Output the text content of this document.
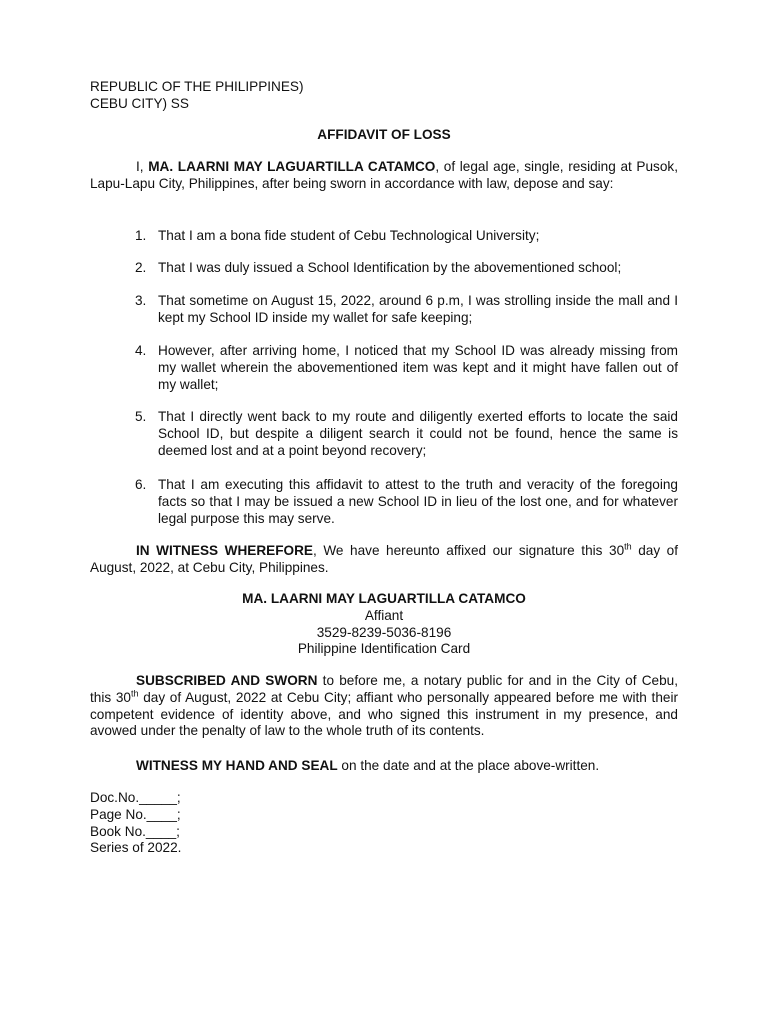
REPUBLIC OF THE PHILIPPINES)
CEBU CITY) SS
AFFIDAVIT OF LOSS
I, MA. LAARNI MAY LAGUARTILLA CATAMCO, of legal age, single, residing at Pusok, Lapu-Lapu City, Philippines, after being sworn in accordance with law, depose and say:
1. That I am a bona fide student of Cebu Technological University;
2. That I was duly issued a School Identification by the abovementioned school;
3. That sometime on August 15, 2022, around 6 p.m, I was strolling inside the mall and I kept my School ID inside my wallet for safe keeping;
4. However, after arriving home, I noticed that my School ID was already missing from my wallet wherein the abovementioned item was kept and it might have fallen out of my wallet;
5. That I directly went back to my route and diligently exerted efforts to locate the said School ID, but despite a diligent search it could not be found, hence the same is deemed lost and at a point beyond recovery;
6. That I am executing this affidavit to attest to the truth and veracity of the foregoing facts so that I may be issued a new School ID in lieu of the lost one, and for whatever legal purpose this may serve.
IN WITNESS WHEREFORE, We have hereunto affixed our signature this 30th day of August, 2022, at Cebu City, Philippines.
MA. LAARNI MAY LAGUARTILLA CATAMCO
Affiant
3529-8239-5036-8196
Philippine Identification Card
SUBSCRIBED AND SWORN to before me, a notary public for and in the City of Cebu, this 30th day of August, 2022 at Cebu City; affiant who personally appeared before me with their competent evidence of identity above, and who signed this instrument in my presence, and avowed under the penalty of law to the whole truth of its contents.
WITNESS MY HAND AND SEAL on the date and at the place above-written.
Doc.No._____;
Page No.____;
Book No.____;
Series of 2022.
